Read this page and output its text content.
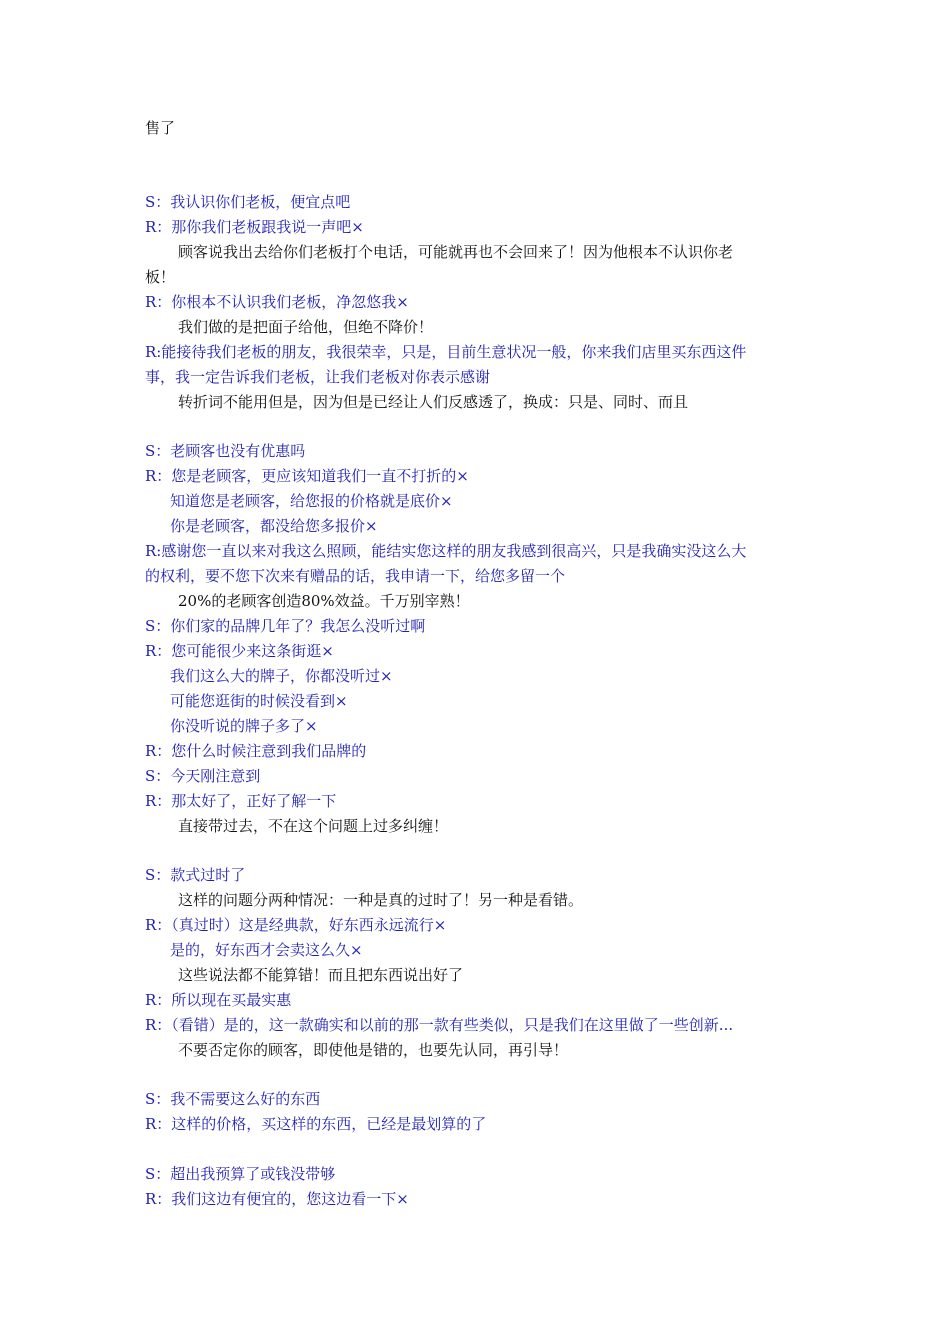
售了
S：我认识你们老板，便宜点吧
R：那你我们老板跟我说一声吧×
顾客说我出去给你们老板打个电话，可能就再也不会回来了！因为他根本不认识你老
板！
R：你根本不认识我们老板，净忽悠我×
我们做的是把面子给他，但绝不降价！
R:能接待我们老板的朋友，我很荣幸，只是，目前生意状况一般，你来我们店里买东西这件
事，我一定告诉我们老板，让我们老板对你表示感谢
转折词不能用但是，因为但是已经让人们反感透了，换成：只是、同时、而且
S：老顾客也没有优惠吗
R：您是老顾客，更应该知道我们一直不打折的×
知道您是老顾客，给您报的价格就是底价×
你是老顾客，都没给您多报价×
R:感谢您一直以来对我这么照顾，能结实您这样的朋友我感到很高兴，只是我确实没这么大
的权利，要不您下次来有赠品的话，我申请一下，给您多留一个
20%的老顾客创造80%效益。千万别宰熟！
S：你们家的品牌几年了？我怎么没听过啊
R：您可能很少来这条街逛×
我们这么大的牌子，你都没听过×
可能您逛街的时候没看到×
你没听说的牌子多了×
R：您什么时候注意到我们品牌的
S：今天刚注意到
R：那太好了，正好了解一下
直接带过去，不在这个问题上过多纠缠！
S：款式过时了
这样的问题分两种情况：一种是真的过时了！另一种是看错。
R：（真过时）这是经典款，好东西永远流行×
是的，好东西才会卖这么久×
这些说法都不能算错！而且把东西说出好了
R：所以现在买最实惠
R：（看错）是的，这一款确实和以前的那一款有些类似，只是我们在这里做了一些创新...
不要否定你的顾客，即使他是错的，也要先认同，再引导！
S：我不需要这么好的东西
R：这样的价格，买这样的东西，已经是最划算的了
S：超出我预算了或钱没带够
R：我们这边有便宜的，您这边看一下×
